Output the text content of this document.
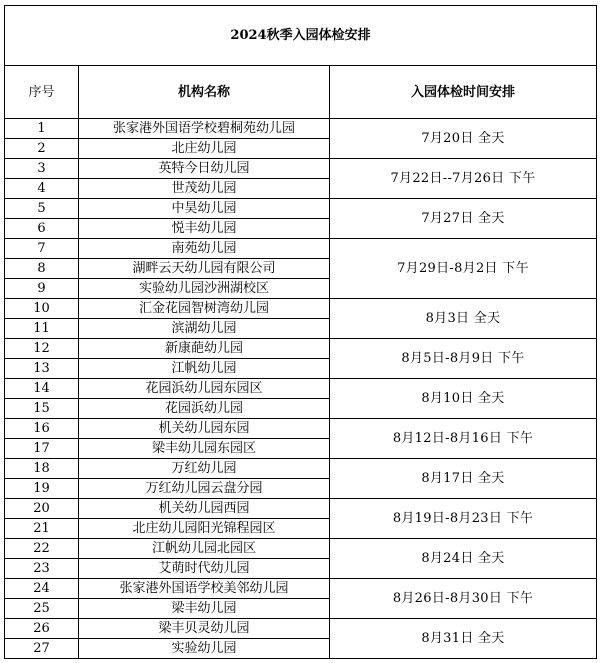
2024秋季入园体检安排		
序号	机构名称	入园体检时间安排
1	张家港外国语学校碧桐苑幼儿园	7月20日 全天
2	北庄幼儿园	
3	英特今日幼儿园	7月22日--7月26日 下午
4	世茂幼儿园	
5	中昊幼儿园	7月27日 全天
6	悦丰幼儿园	
7	南苑幼儿园	7月29日-8月2日 下午
8	湖畔云天幼儿园有限公司	
9	实验幼儿园沙洲湖校区	
10	汇金花园智树湾幼儿园	8月3日 全天
11	滨湖幼儿园	
12	新康葩幼儿园	8月5日-8月9日 下午
13	江帆幼儿园	
14	花园浜幼儿园东园区	8月10日 全天
15	花园浜幼儿园	
16	机关幼儿园东园	8月12日-8月16日 下午
17	梁丰幼儿园东园区	
18	万红幼儿园	8月17日 全天
19	万红幼儿园云盘分园	
20	机关幼儿园西园	8月19日-8月23日 下午
21	北庄幼儿园阳光锦程园区	
22	江帆幼儿园北园区	8月24日 全天
23	艾萌时代幼儿园	
24	张家港外国语学校美邻幼儿园	8月26日-8月30日 下午
25	梁丰幼儿园	
26	梁丰贝灵幼儿园	8月31日 全天
27	实验幼儿园	
